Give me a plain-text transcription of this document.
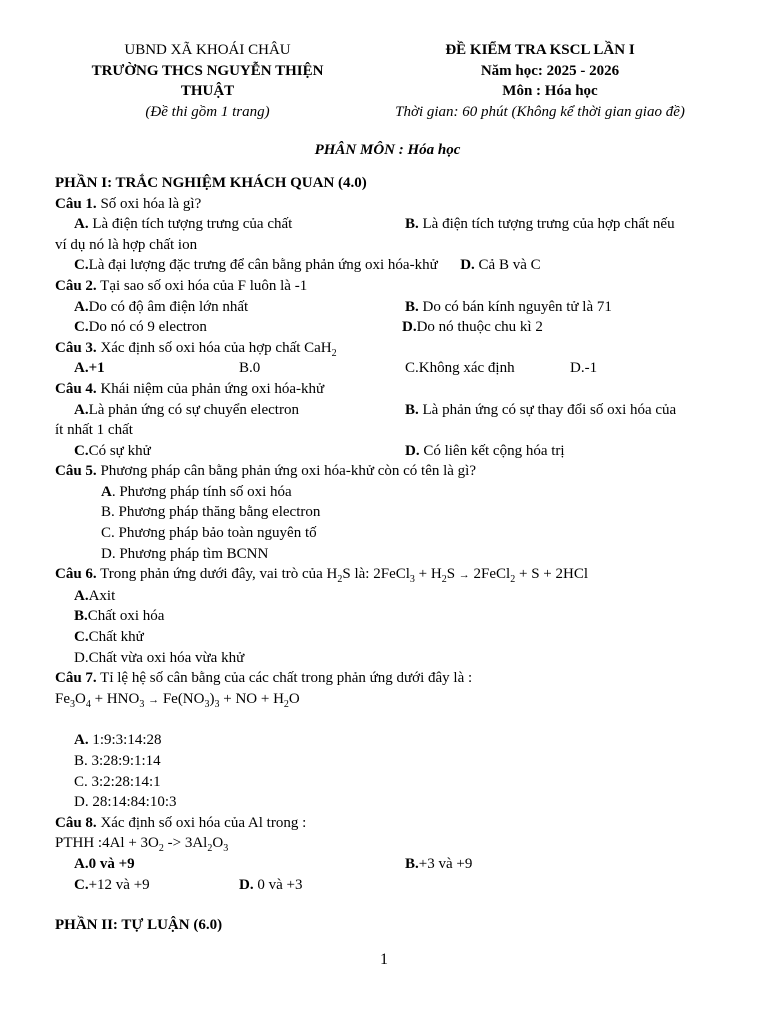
UBND XÃ KHOÁI CHÂU
TRƯỜNG THCS NGUYỄN THIỆN
THUẬT
(Đề thi gồm 1 trang)
ĐỀ KIỂM TRA KSCL LẦN I
Năm học: 2025 - 2026
Môn : Hóa học
Thời gian: 60 phút (Không kể thời gian giao đề)
PHÂN MÔN : Hóa học
PHẦN I: TRẮC NGHIỆM KHÁCH QUAN (4.0)
Câu 1. Số oxi hóa là gì?
A. Là điện tích tượng trưng của chất	B. Là điện tích tượng trưng của hợp chất nếu
ví dụ nó là hợp chất ion
C.Là đại lượng đặc trưng để cân bằng phản ứng oxi hóa-khử D. Cả B và C
Câu 2. Tại sao số oxi hóa của F luôn là -1
A.Do có độ âm điện lớn nhất	B. Do có bán kính nguyên tử là 71
C.Do nó có 9 electron	D.Do nó thuộc chu kì 2
Câu 3. Xác định số oxi hóa của hợp chất CaH$_2$
A.+1	B.0	C.Không xác định	D.-1
Câu 4. Khái niệm của phản ứng oxi hóa-khử
A.Là phản ứng có sự chuyển electron	B. Là phản ứng có sự thay đổi số oxi hóa của
ít nhất 1 chất
C.Có sự khử	D. Có liên kết cộng hóa trị
Câu 5. Phương pháp cân bằng phản ứng oxi hóa-khử còn có tên là gì?
A. Phương pháp tính số oxi hóa
B. Phương pháp thăng bằng electron
C. Phương pháp bảo toàn nguyên tố
D. Phương pháp tìm BCNN
Câu 6. Trong phản ứng dưới đây, vai trò của $H_2S$ là: 2FeCl$_3$ + $H_2S$ → 2FeCl$_2$ + S + 2HCl
A.Axit
B.Chất oxi hóa
C.Chất khử
D.Chất vừa oxi hóa vừa khử
Câu 7. Tỉ lệ hệ số cân bằng của các chất trong phản ứng dưới đây là :
$Fe_3O_4 + HNO_3 \to Fe(NO_3)_3$ + NO + $H_2O$
A. 1:9:3:14:28
B. 3:28:9:1:14
C. 3:2:28:14:1
D. 28:14:84:10:3
Câu 8. Xác định số oxi hóa của Al trong :
PTHH :4Al + $3O_2 -> 3Al_2O_3$
A.0 và +9	B.+3 và +9
C.+12 và +9	D. 0 và +3
PHẦN II: TỰ LUẬN (6.0)
1
